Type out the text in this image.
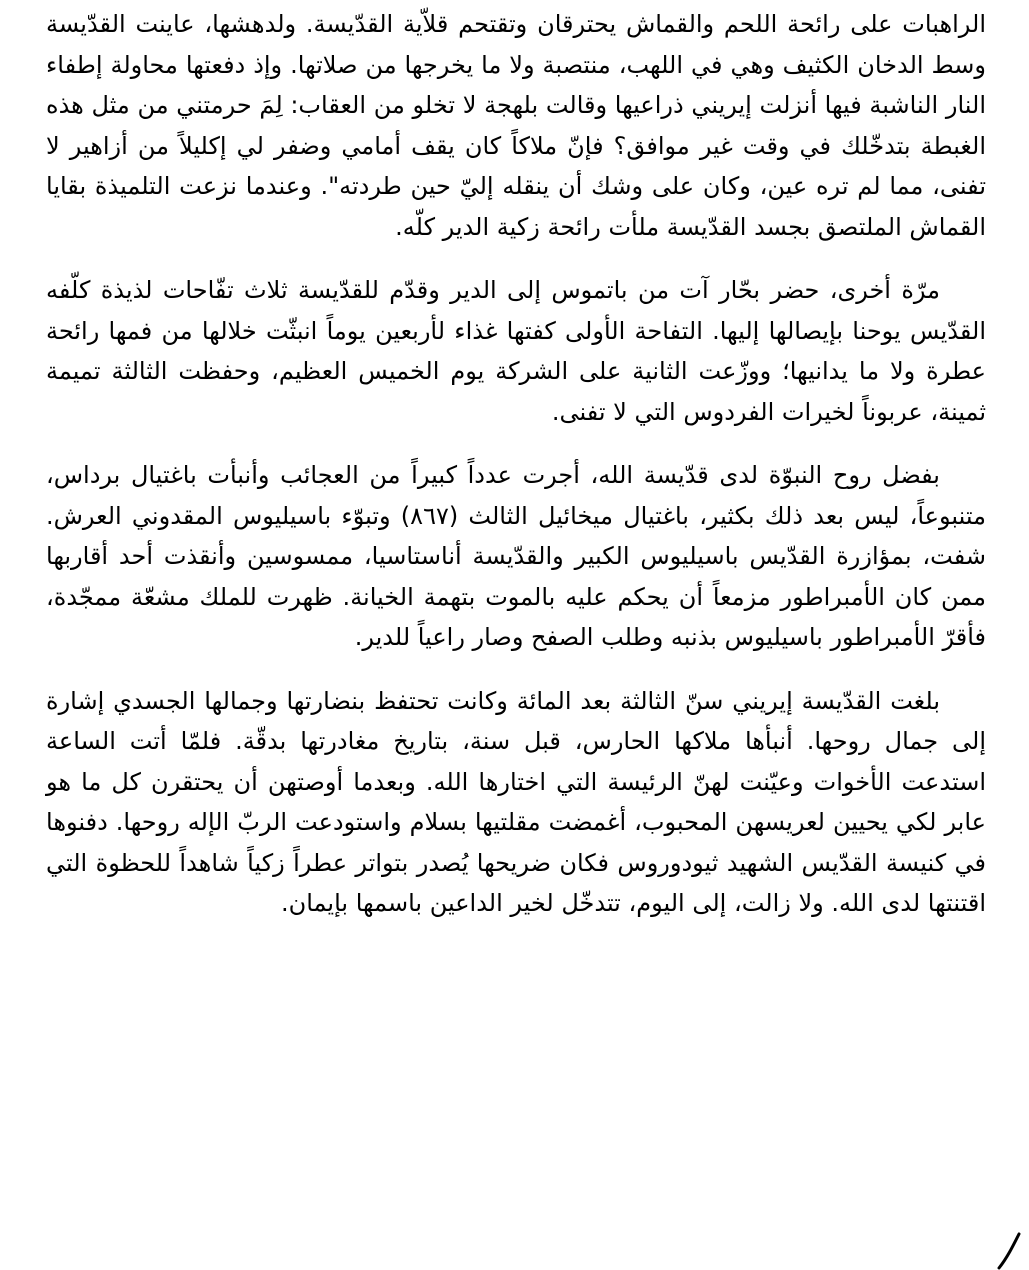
الراهبات على رائحة اللحم والقماش يحترقان وتقتحم قلاّية القدّيسة. ولدهشها، عاينت القدّيسة وسط الدخان الكثيف وهي في اللهب، منتصبة ولا ما يخرجها من صلاتها. وإذ دفعتها محاولة إطفاء النار الناشبة فيها أنزلت إيريني ذراعيها وقالت بلهجة لا تخلو من العقاب: لِمَ حرمتني من مثل هذه الغبطة بتدخّلك في وقت غير موافق؟ فإنّ ملاكاً كان يقف أمامي وضفر لي إكليلاً من أزاهير لا تفنى، مما لم تره عين، وكان على وشك أن ينقله إليّ حين طردته". وعندما نزعت التلميذة بقايا القماش الملتصق بجسد القدّيسة ملأت رائحة زكية الدير كلّه.

مرّة أخرى، حضر بحّار آت من باتموس إلى الدير وقدّم للقدّيسة ثلاث تفّاحات لذيذة كلّفه القدّيس يوحنا بإيصالها إليها. التفاحة الأولى كفتها غذاء لأربعين يوماً انبثّت خلالها من فمها رائحة عطرة ولا ما يدانيها؛ ووزّعت الثانية على الشركة يوم الخميس العظيم، وحفظت الثالثة تميمة ثمينة، عربوناً لخيرات الفردوس التي لا تفنى.

بفضل روح النبوّة لدى قدّيسة الله، أجرت عدداً كبيراً من العجائب وأنبأت باغتيال برداس، متنبوعاً، ليس بعد ذلك بكثير، باغتيال ميخائيل الثالث (٨٦٧) وتبوّء باسيليوس المقدوني العرش. شفت، بمؤازرة القدّيس باسيليوس الكبير والقدّيسة أناستاسيا، ممسوسين وأنقذت أحد أقاربها ممن كان الأمبراطور مزمعاً أن يحكم عليه بالموت بتهمة الخيانة. ظهرت للملك مشعّة ممجّدة، فأقرّ الأمبراطور باسيليوس بذنبه وطلب الصفح وصار راعياً للدير.

بلغت القدّيسة إيريني سنّ الثالثة بعد المائة وكانت تحتفظ بنضارتها وجمالها الجسدي إشارة إلى جمال روحها. أنبأها ملاكها الحارس، قبل سنة، بتاريخ مغادرتها بدقّة. فلمّا أتت الساعة استدعت الأخوات وعيّنت لهنّ الرئيسة التي اختارها الله. وبعدما أوصتهن أن يحتقرن كل ما هو عابر لكي يحيين لعريسهن المحبوب، أغمضت مقلتيها بسلام واستودعت الربّ الإله روحها. دفنوها في كنيسة القدّيس الشهيد ثيودوروس فكان ضريحها يُصدر بتواتر عطراً زكياً شاهداً للحظوة التي اقتنتها لدى الله. ولا زالت، إلى اليوم، تتدخّل لخير الداعين باسمها بإيمان.
